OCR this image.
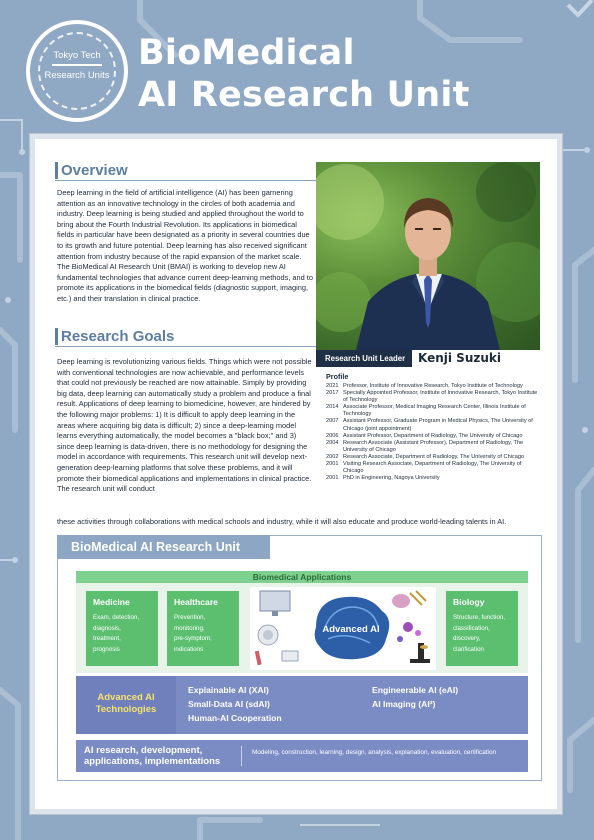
Tokyo Tech
Research Units
BioMedical
AI Research Unit
Overview

Deep learning in the field of artificial intelligence (AI) has been garnering attention as an innovative technology in the circles of both academia and industry. Deep learning is being studied and applied throughout the world to bring about the Fourth Industrial Revolution. Its applications in biomedical fields in particular have been designated as a priority in several countries due to its growth and future potential. Deep learning has also received significant attention from industry because of the rapid expansion of the market scale. The BioMedical AI Research Unit (BMAI) is working to develop new AI fundamental technologies that advance current deep-learning methods, and to promote its applications in the biomedical fields (diagnostic support, imaging, etc.) and their translation in clinical practice.

Research Goals

Deep learning is revolutionizing various fields. Things which were not possible with conventional technologies are now achievable, and performance levels that could not previously be reached are now attainable. Simply by providing big data, deep learning can automatically study a problem and produce a final result. Applications of deep learning to biomedicine, however, are hindered by the following major problems: 1) It is difficult to apply deep learning in the areas where acquiring big data is difficult; 2) since a deep-learning model learns everything automatically, the model becomes a "black box;" and 3) since deep learning is data-driven, there is no methodology for designing the model in accordance with requirements. This research unit will develop next-generation deep-learning platforms that solve these problems, and it will promote their biomedical applications and implementations in clinical practice. The research unit will conduct

these activities through collaborations with medical schools and industry, while it will also educate and produce world-leading talents in AI.

Research Unit Leader	Kenji Suzuki
Profile
2021 Professor, Institute of Innovative Research, Tokyo Institute of Technology
2017 Specially Appointed Professor, Institute of Innovative Research, Tokyo Institute of Technology
2014 Associate Professor, Medical Imaging Research Center, Illinois Institute of Technology
2007 Assistant Professor, Graduate Program in Medical Physics, The University of Chicago (joint appointment)
2006 Assistant Professor, Department of Radiology, The University of Chicago
2004 Research Associate (Assistant Professor), Department of Radiology, The University of Chicago
2002 Research Associate, Department of Radiology, The University of Chicago
2001 Visiting Research Associate, Department of Radiology, The University of Chicago
2001 PhD in Engineering, Nagoya University
BioMedical AI Research Unit
Biomedical Applications
Medicine
Exam, detection,
diagnosis,
treatment,
prognosis
Healthcare
Prevention,
monitoring,
pre-symptom,
indications
Advanced AI
Biology
Structure, function,
classification,
discovery,
clarification
Advanced AI
Technologies
Explainable AI (XAI)
Small-Data AI (sdAI)
Human-AI Cooperation
Engineerable AI (eAI)
AI Imaging (AI²)
AI research, development,
applications, implementations
Modeling, construction, learning, design, analysis, explanation, evaluation, certification
